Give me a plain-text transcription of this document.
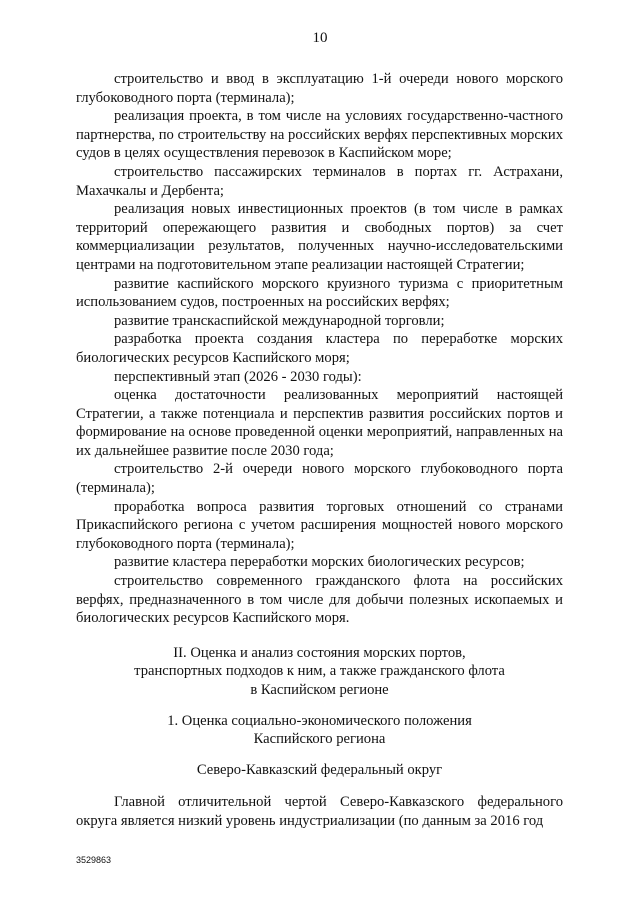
10

строительство и ввод в эксплуатацию 1-й очереди нового морского глубоководного порта (терминала);

реализация проекта, в том числе на условиях государственно-частного партнерства, по строительству на российских верфях перспективных морских судов в целях осуществления перевозок в Каспийском море;

строительство пассажирских терминалов в портах гг. Астрахани, Махачкалы и Дербента;

реализация новых инвестиционных проектов (в том числе в рамках территорий опережающего развития и свободных портов) за счет коммерциализации результатов, полученных научно-исследовательскими центрами на подготовительном этапе реализации настоящей Стратегии;

развитие каспийского морского круизного туризма с приоритетным использованием судов, построенных на российских верфях;

развитие транскаспийской международной торговли;

разработка проекта создания кластера по переработке морских биологических ресурсов Каспийского моря;

перспективный этап (2026 - 2030 годы):

оценка достаточности реализованных мероприятий настоящей Стратегии, а также потенциала и перспектив развития российских портов и формирование на основе проведенной оценки мероприятий, направленных на их дальнейшее развитие после 2030 года;

строительство 2-й очереди нового морского глубоководного порта (терминала);

проработка вопроса развития торговых отношений со странами Прикаспийского региона с учетом расширения мощностей нового морского глубоководного порта (терминала);

развитие кластера переработки морских биологических ресурсов;

строительство современного гражданского флота на российских верфях, предназначенного в том числе для добычи полезных ископаемых и биологических ресурсов Каспийского моря.

II. Оценка и анализ состояния морских портов,
транспортных подходов к ним, а также гражданского флота
в Каспийском регионе
1. Оценка социально-экономического положения
Каспийского региона
Северо-Кавказский федеральный округ

Главной отличительной чертой Северо-Кавказского федерального округа является низкий уровень индустриализации (по данным за 2016 год

3529863
